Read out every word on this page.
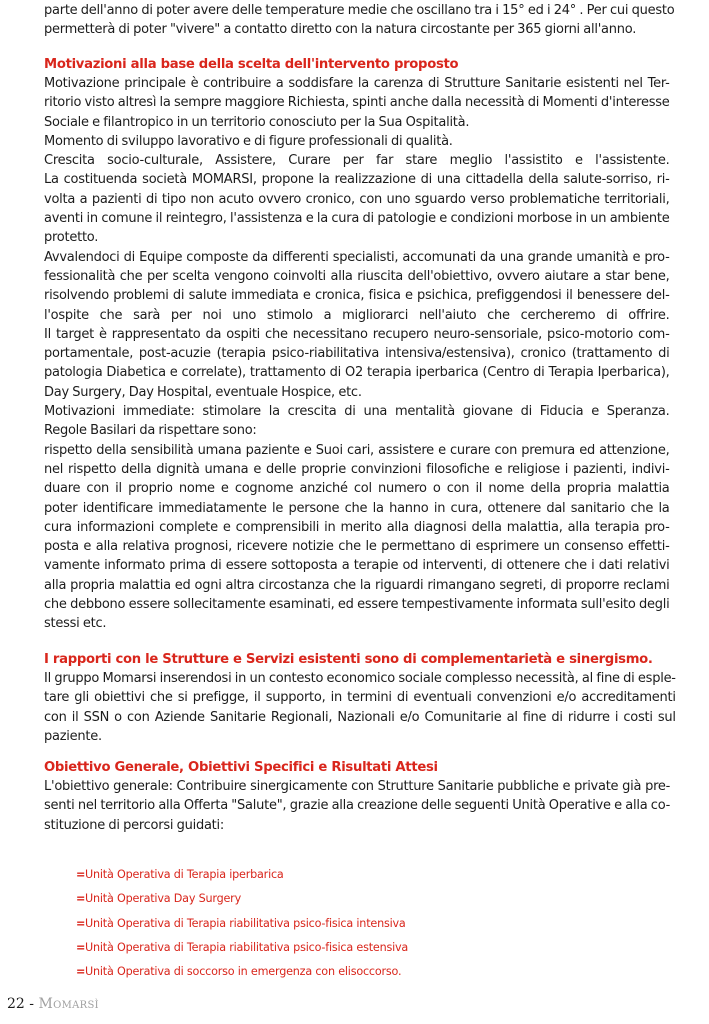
parte dell'anno di poter avere delle temperature medie che oscillano tra i 15° ed i 24° . Per cui questo
permetterà di poter "vivere" a contatto diretto con la natura circostante per 365 giorni all'anno.
Motivazioni alla base della scelta dell'intervento proposto
Motivazione principale è contribuire a soddisfare la carenza di Strutture Sanitarie esistenti nel Ter-
ritorio visto altresì la sempre maggiore Richiesta, spinti anche dalla necessità di Momenti d'interesse
Sociale e filantropico in un territorio conosciuto per la Sua Ospitalità.
Momento di sviluppo lavorativo e di figure professionali di qualità.
Crescita socio-culturale, Assistere, Curare per far stare meglio l'assistito e l'assistente.
La costituenda società MOMARSI, propone la realizzazione di una cittadella della salute-sorriso, ri-
volta a pazienti di tipo non acuto ovvero cronico, con uno sguardo verso problematiche territoriali,
aventi in comune il reintegro, l'assistenza e la cura di patologie e condizioni morbose in un ambiente
protetto.
Avvalendoci di Equipe composte da differenti specialisti, accomunati da una grande umanità e pro-
fessionalità che per scelta vengono coinvolti alla riuscita dell'obiettivo, ovvero aiutare a star bene,
risolvendo problemi di salute immediata e cronica, fisica e psichica, prefiggendosi il benessere del-
l'ospite che sarà per noi uno stimolo a migliorarci nell'aiuto che cercheremo di offrire.
Il target è rappresentato da ospiti che necessitano recupero neuro-sensoriale, psico-motorio com-
portamentale, post-acuzie (terapia psico-riabilitativa intensiva/estensiva), cronico (trattamento di
patologia Diabetica e correlate), trattamento di O2 terapia iperbarica (Centro di Terapia Iperbarica),
Day Surgery, Day Hospital, eventuale Hospice, etc.
Motivazioni immediate: stimolare la crescita di una mentalità giovane di Fiducia e Speranza.
Regole Basilari da rispettare sono:
rispetto della sensibilità umana paziente e Suoi cari, assistere e curare con premura ed attenzione,
nel rispetto della dignità umana e delle proprie convinzioni filosofiche e religiose i pazienti, indivi-
duare con il proprio nome e cognome anziché col numero o con il nome della propria malattia
poter identificare immediatamente le persone che la hanno in cura, ottenere dal sanitario che la
cura informazioni complete e comprensibili in merito alla diagnosi della malattia, alla terapia pro-
posta e alla relativa prognosi, ricevere notizie che le permettano di esprimere un consenso effetti-
vamente informato prima di essere sottoposta a terapie od interventi, di ottenere che i dati relativi
alla propria malattia ed ogni altra circostanza che la riguardi rimangano segreti, di proporre reclami
che debbono essere sollecitamente esaminati, ed essere tempestivamente informata sull'esito degli
stessi etc.
I rapporti con le Strutture e Servizi esistenti sono di complementarietà e sinergismo.
Il gruppo Momarsi inserendosi in un contesto economico sociale complesso necessità, al fine di esple-
tare gli obiettivi che si prefigge, il supporto, in termini di eventuali convenzioni e/o accreditamenti
con il SSN o con Aziende Sanitarie Regionali, Nazionali e/o Comunitarie al fine di ridurre i costi sul
paziente.
Obiettivo Generale, Obiettivi Specifici e Risultati Attesi
L'obiettivo generale: Contribuire sinergicamente con Strutture Sanitarie pubbliche e private già pre-
senti nel territorio alla Offerta "Salute", grazie alla creazione delle seguenti Unità Operative e alla co-
stituzione di percorsi guidati:
=Unità Operativa di Terapia iperbarica
=Unità Operativa Day Surgery
=Unità Operativa di Terapia riabilitativa psico-fisica intensiva
=Unità Operativa di Terapia riabilitativa psico-fisica estensiva
=Unità Operativa di soccorso in emergenza con elisoccorso.
22 - Momarsì
